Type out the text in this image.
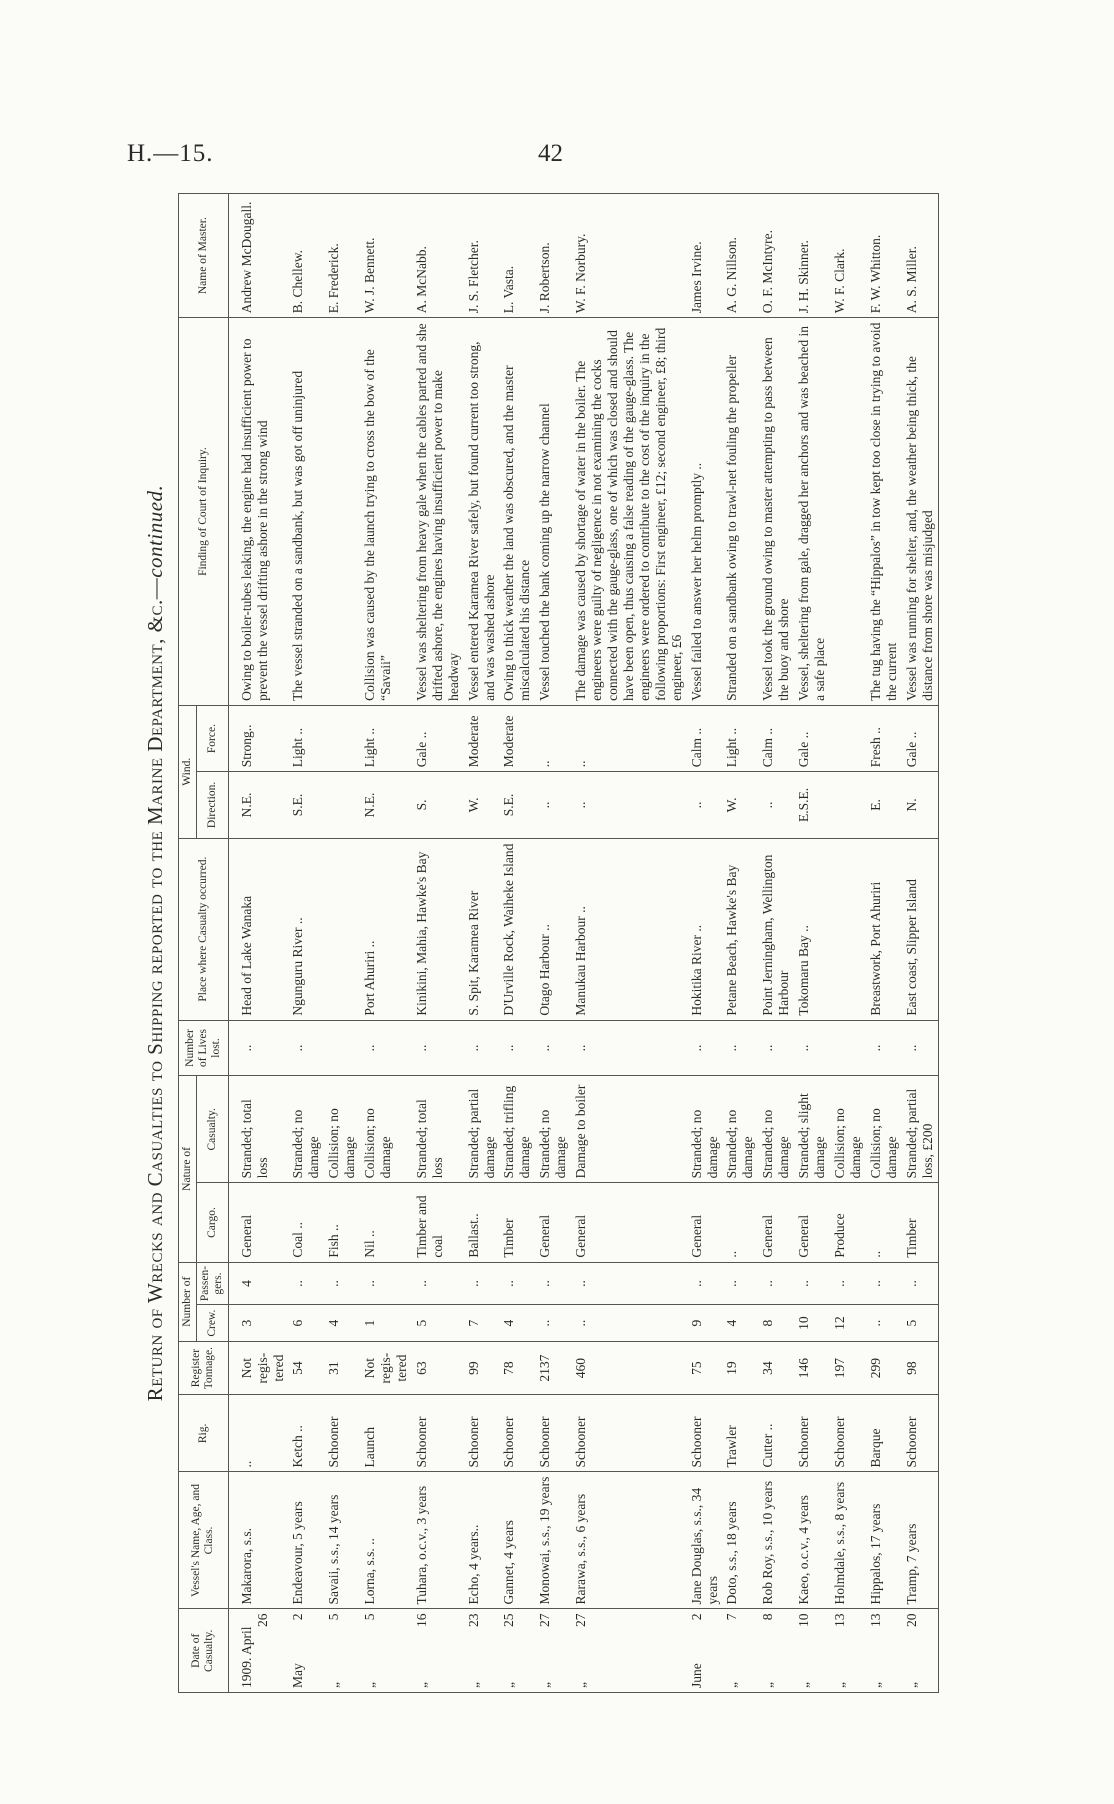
H.—15.	42
Return of Wrecks and Casualties to Shipping reported to the Marine Department, &c.—continued.
Date of Casualty.	Vessel's Name, Age, and Class.	Rig.	Register Tonnage.	Number of		Nature of		Number of Lives lost.	Place where Casualty occurred.	Wind.		Finding of Court of Inquiry.	Name of Master.
				Crew.	Passen-gers.	Cargo.	Casualty.			Direction.	Force.		
1909. April
26	Makarora, s.s.	..	Not regis-tered	3	4	General	Stranded; total loss	..	Head of Lake Wanaka	N.E.	Strong..	Owing to boiler-tubes leaking, the engine had insufficient power to prevent the vessel drifting ashore in the strong wind	Andrew McDougall.
May
2	Endeavour, 5 years	Ketch ..	54	6	..	Coal ..	Stranded; no damage	..	Ngunguru River ..	S.E.	Light ..	The vessel stranded on a sandbank, but was got off uninjured	B. Chellew.
„
5	Savaii, s.s., 14 years	Schooner	31	4	..	Fish ..	Collision; no damage						E. Frederick.
„
5	Lorna, s.s. ..	Launch	Not regis-tered	1	..	Nil ..	Collision; no damage	..	Port Ahuriri ..	N.E.	Light ..	Collision was caused by the launch trying to cross the bow of the “Savaii”	W. J. Bennett.
„
16	Tuhara, o.c.v., 3 years	Schooner	63	5	..	Timber and coal	Stranded; total loss	..	Kinikini, Mahia, Hawke's Bay	S.	Gale ..	Vessel was sheltering from heavy gale when the cables parted and she drifted ashore, the engines having insufficient power to make headway	A. McNabb.
„
23	Echo, 4 years..	Schooner	99	7	..	Ballast..	Stranded; partial damage	..	S. Spit, Karamea River	W.	Moderate	Vessel entered Karamea River safely, but found current too strong, and was washed ashore	J. S. Fletcher.
„
25	Gannet, 4 years	Schooner	78	4	..	Timber	Stranded; trifling damage	..	D'Urville Rock, Waiheke Island	S.E.	Moderate	Owing to thick weather the land was obscured, and the master miscalculated his distance	L. Vasta.
„
27	Monowai, s.s., 19 years	Schooner	2137	..	..	General	Stranded; no damage	..	Otago Harbour ..	..	..	Vessel touched the bank coming up the narrow channel	J. Robertson.
„
27	Rarawa, s.s., 6 years	Schooner	460	..	..	General	Damage to boiler	..	Manukau Harbour ..	..	..	The damage was caused by shortage of water in the boiler. The engineers were guilty of negligence in not examining the cocks connected with the gauge-glass, one of which was closed and should have been open, thus causing a false reading of the gauge-glass. The engineers were ordered to contribute to the cost of the inquiry in the following proportions: First engineer, £12; second engineer, £8; third engineer, £6	W. F. Norbury.
June
2	Jane Douglas, s.s., 34 years	Schooner	75	9	..	General	Stranded; no damage	..	Hokitika River ..	..	Calm ..	Vessel failed to answer her helm promptly ..	James Irvine.
„
7	Doto, s.s., 18 years	Trawler	19	4	..	..	Stranded; no damage	..	Petane Beach, Hawke's Bay	W.	Light ..	Stranded on a sandbank owing to trawl-net fouling the propeller	A. G. Nillson.
„
8	Rob Roy, s.s., 10 years	Cutter ..	34	8	..	General	Stranded; no damage	..	Point Jerningham, Wellington Harbour	..	Calm ..	Vessel took the ground owing to master attempting to pass between the buoy and shore	O. F. McIntyre.
„
10	Kaeo, o.c.v., 4 years	Schooner	146	10	..	General	Stranded; slight damage	..	Tokomaru Bay ..	E.S.E.	Gale ..	Vessel, sheltering from gale, dragged her anchors and was beached in a safe place	J. H. Skinner.
„
13	Holmdale, s.s., 8 years	Schooner	197	12	..	Produce	Collision; no damage						W. F. Clark.
„
13	Hippalos, 17 years	Barque	299	..	..	..	Collision; no damage	..	Breastwork, Port Ahuriri	E.	Fresh ..	The tug having the “Hippalos” in tow kept too close in trying to avoid the current	F. W. Whitton.
„
20	Tramp, 7 years	Schooner	98	5	..	Timber	Stranded; partial loss, £200	..	East coast, Slipper Island	N.	Gale ..	Vessel was running for shelter, and, the weather being thick, the distance from shore was misjudged	A. S. Miller.
